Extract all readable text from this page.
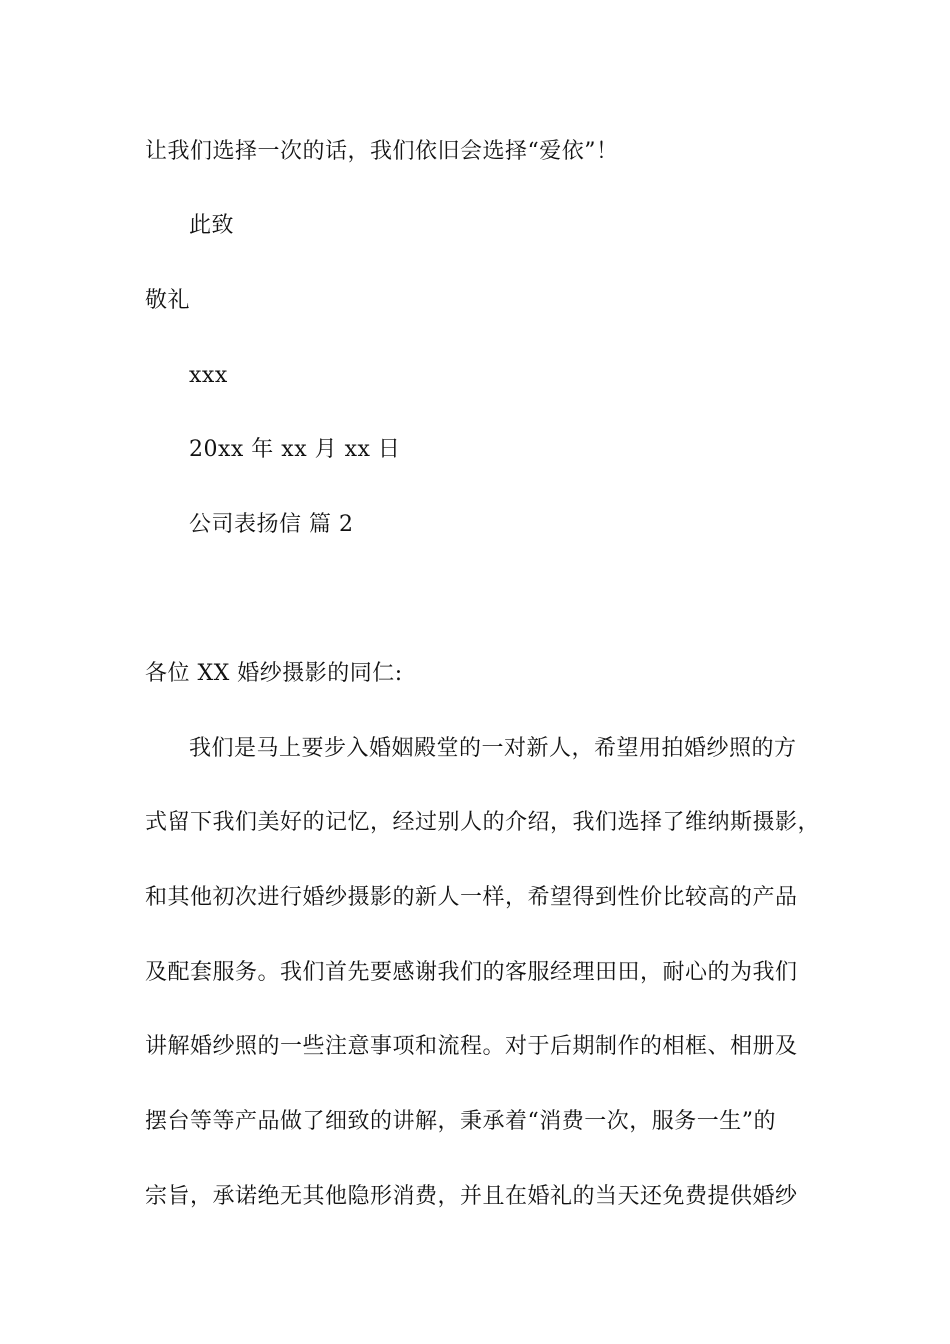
让我们选择一次的话，我们依旧会选择“爱依”！
此致
敬礼
xxx
20xx 年 xx 月 xx 日
公司表扬信 篇 2
各位 XX 婚纱摄影的同仁:
我们是马上要步入婚姻殿堂的一对新人，希望用拍婚纱照的方
式留下我们美好的记忆，经过别人的介绍，我们选择了维纳斯摄影，
和其他初次进行婚纱摄影的新人一样，希望得到性价比较高的产品
及配套服务。我们首先要感谢我们的客服经理田田，耐心的为我们
讲解婚纱照的一些注意事项和流程。对于后期制作的相框、相册及
摆台等等产品做了细致的讲解，秉承着“消费一次，服务一生”的
宗旨，承诺绝无其他隐形消费，并且在婚礼的当天还免费提供婚纱
